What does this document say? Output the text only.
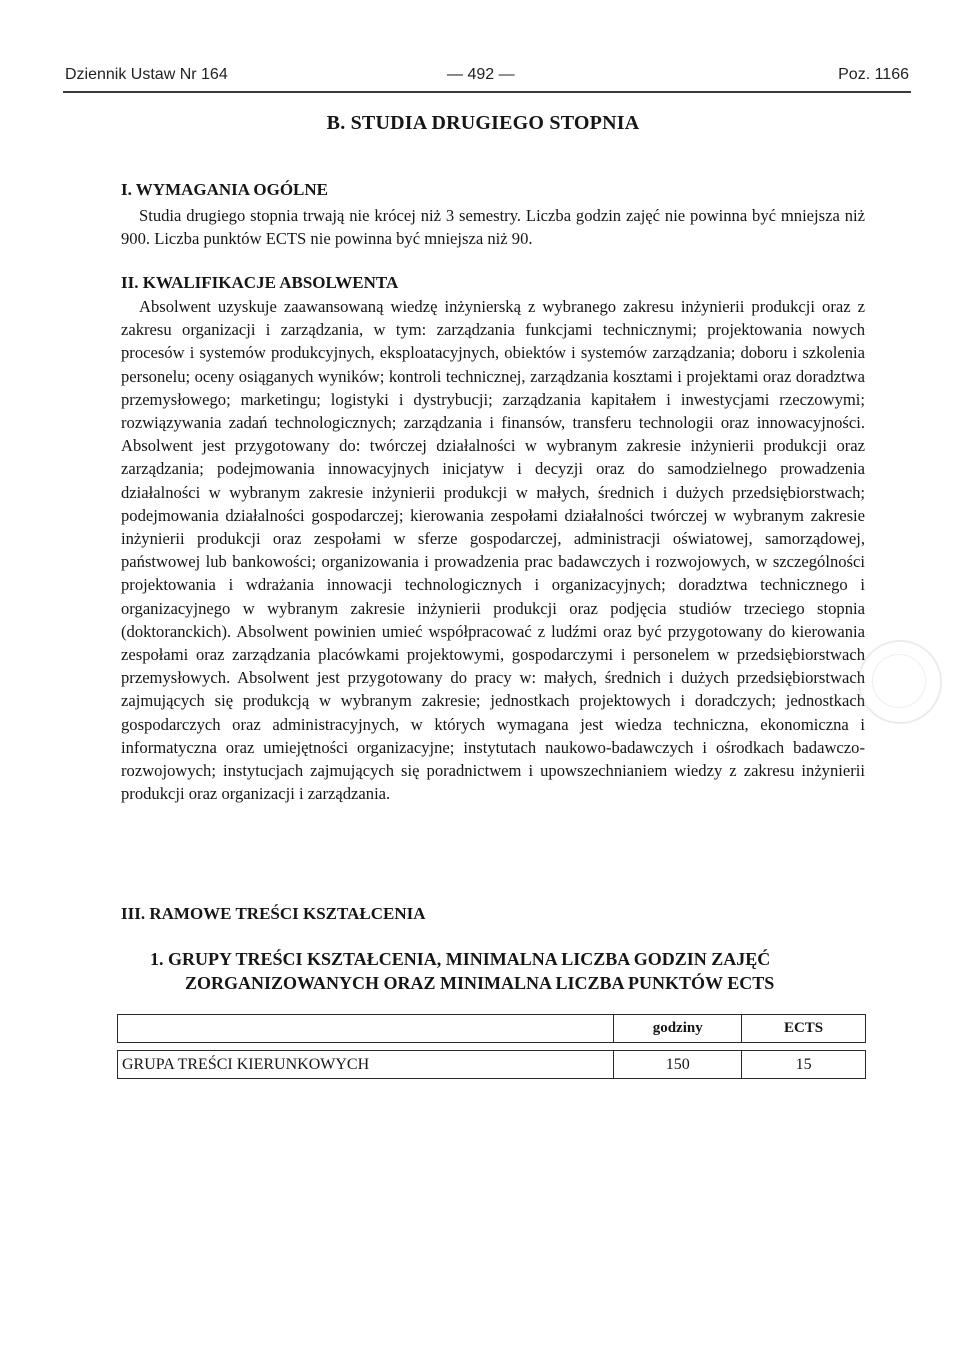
Dziennik Ustaw Nr 164	— 492 —	Poz. 1166
B. STUDIA DRUGIEGO STOPNIA
I. WYMAGANIA OGÓLNE

Studia drugiego stopnia trwają nie krócej niż 3 semestry. Liczba godzin zajęć nie powinna być mniejsza niż 900. Liczba punktów ECTS nie powinna być mniejsza niż 90.

II. KWALIFIKACJE ABSOLWENTA

Absolwent uzyskuje zaawansowaną wiedzę inżynierską z wybranego zakresu inżynierii produkcji oraz z zakresu organizacji i zarządzania, w tym: zarządzania funkcjami technicznymi; projektowania nowych procesów i systemów produkcyjnych, eksploatacyjnych, obiektów i systemów zarządzania; doboru i szkolenia personelu; oceny osiąganych wyników; kontroli technicznej, zarządzania kosztami i projektami oraz doradztwa przemysłowego; marketingu; logistyki i dystrybucji; zarządzania kapitałem i inwestycjami rzeczowymi; rozwiązywania zadań technologicznych; zarządzania i finansów, transferu technologii oraz innowacyjności. Absolwent jest przygotowany do: twórczej działalności w wybranym zakresie inżynierii produkcji oraz zarządzania; podejmowania innowacyjnych inicjatyw i decyzji oraz do samodzielnego prowadzenia działalności w wybranym zakresie inżynierii produkcji w małych, średnich i dużych przedsiębiorstwach; podejmowania działalności gospodarczej; kierowania zespołami działalności twórczej w wybranym zakresie inżynierii produkcji oraz zespołami w sferze gospodarczej, administracji oświatowej, samorządowej, państwowej lub bankowości; organizowania i prowadzenia prac badawczych i rozwojowych, w szczególności projektowania i wdrażania innowacji technologicznych i organizacyjnych; doradztwa technicznego i organizacyjnego w wybranym zakresie inżynierii produkcji oraz podjęcia studiów trzeciego stopnia (doktoranckich). Absolwent powinien umieć współpracować z ludźmi oraz być przygotowany do kierowania zespołami oraz zarządzania placówkami projektowymi, gospodarczymi i personelem w przedsiębiorstwach przemysłowych. Absolwent jest przygotowany do pracy w: małych, średnich i dużych przedsiębiorstwach zajmujących się produkcją w wybranym zakresie; jednostkach projektowych i doradczych; jednostkach gospodarczych oraz administracyjnych, w których wymagana jest wiedza techniczna, ekonomiczna i informatyczna oraz umiejętności organizacyjne; instytutach naukowo-badawczych i ośrodkach badawczo-rozwojowych; instytucjach zajmujących się poradnictwem i upowszechnianiem wiedzy z zakresu inżynierii produkcji oraz organizacji i zarządzania.

III. RAMOWE TREŚCI KSZTAŁCENIA
1. GRUPY TREŚCI KSZTAŁCENIA, MINIMALNA LICZBA GODZIN ZAJĘĆ
ZORGANIZOWANYCH ORAZ MINIMALNA LICZBA PUNKTÓW ECTS
	godziny	ECTS

GRUPA TREŚCI KIERUNKOWYCH	150	15
